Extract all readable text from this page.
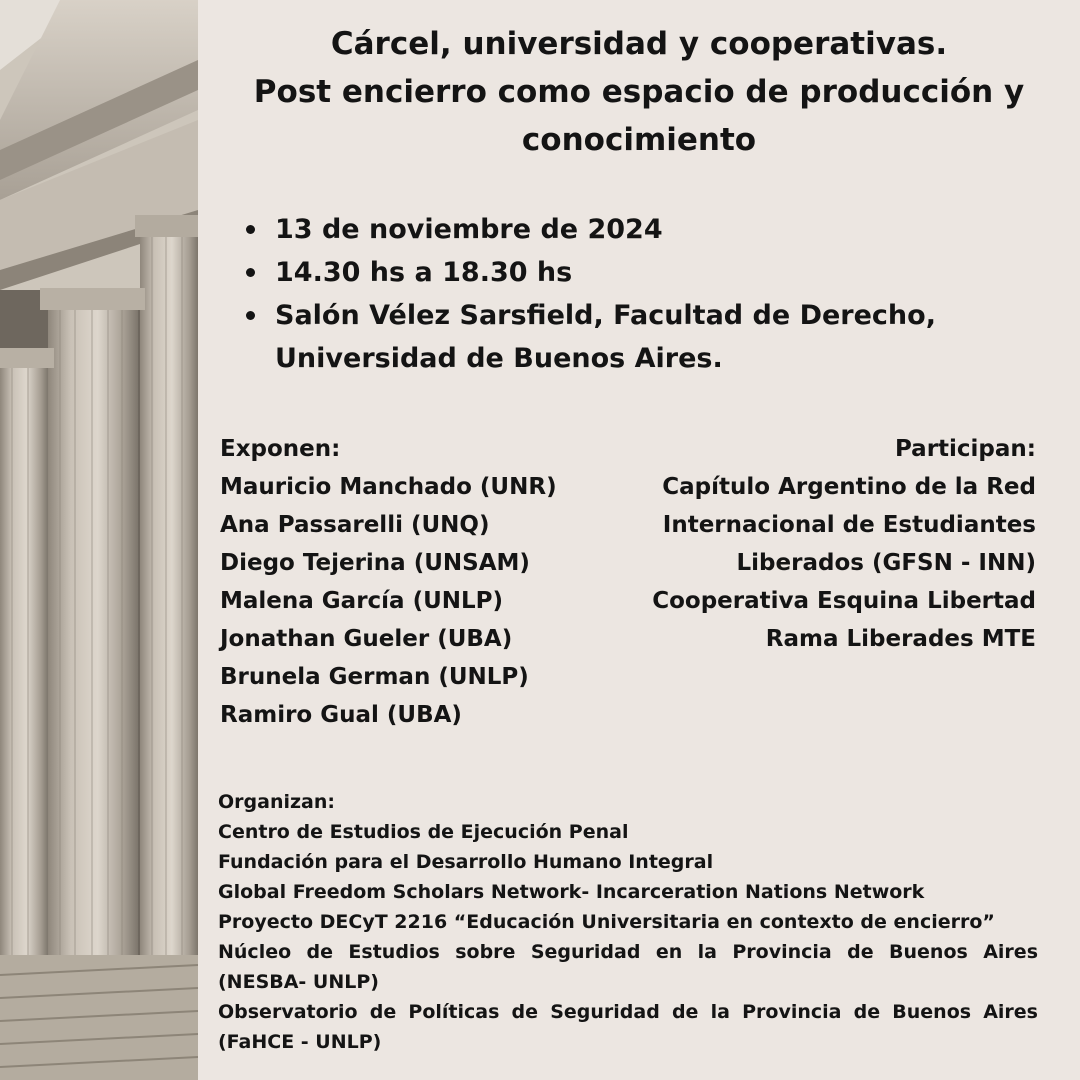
Cárcel, universidad y cooperativas.
Post encierro como espacio de producción y
conocimiento
13 de noviembre de 2024
14.30 hs a 18.30 hs
Salón Vélez Sarsfield, Facultad de Derecho,
Universidad de Buenos Aires.
Exponen:
Mauricio Manchado (UNR)
Ana Passarelli (UNQ)
Diego Tejerina (UNSAM)
Malena García (UNLP)
Jonathan Gueler (UBA)
Brunela German (UNLP)
Ramiro Gual (UBA)
Participan:
Capítulo Argentino de la Red
Internacional de Estudiantes
Liberados (GFSN - INN)
Cooperativa Esquina Libertad
Rama Liberades MTE
Organizan:
Centro de Estudios de Ejecución Penal
Fundación para el Desarrollo Humano Integral
Global Freedom Scholars Network- Incarceration Nations Network
Proyecto DECyT 2216 “Educación Universitaria en contexto de encierro”
Núcleo de Estudios sobre Seguridad en la Provincia de Buenos Aires
(NESBA- UNLP)
Observatorio de Políticas de Seguridad de la Provincia de Buenos Aires
(FaHCE - UNLP)
